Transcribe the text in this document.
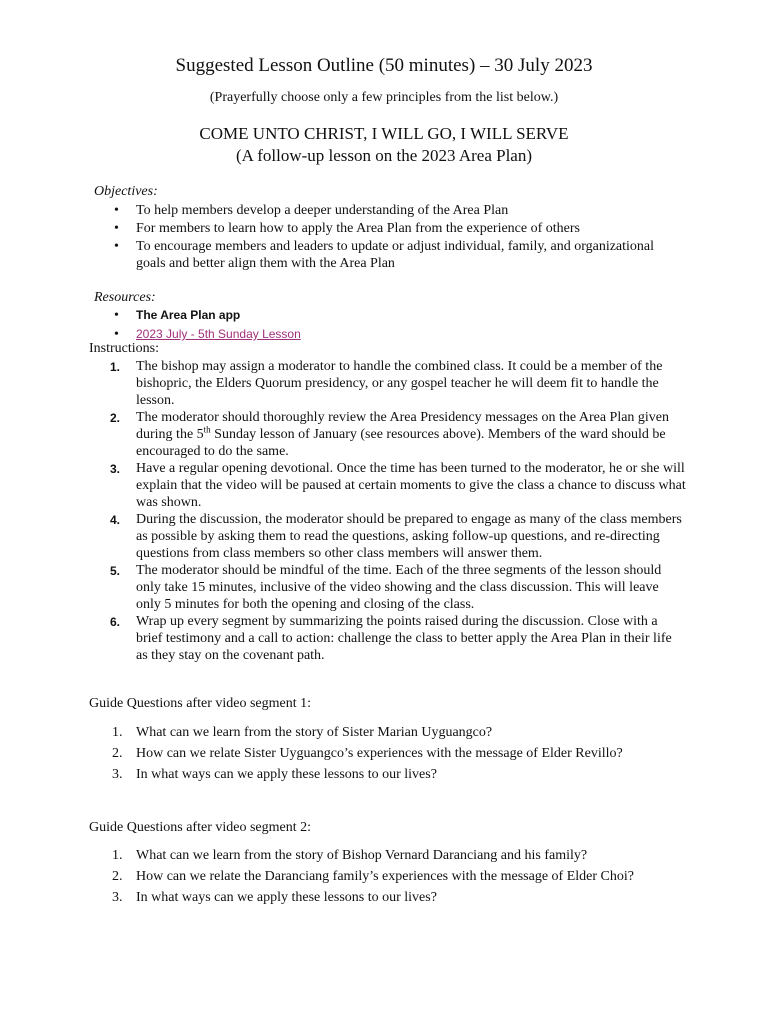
Suggested Lesson Outline (50 minutes) – 30 July 2023
(Prayerfully choose only a few principles from the list below.)
COME UNTO CHRIST, I WILL GO, I WILL SERVE
(A follow-up lesson on the 2023 Area Plan)
Objectives:
• To help members develop a deeper understanding of the Area Plan
• For members to learn how to apply the Area Plan from the experience of others
• To encourage members and leaders to update or adjust individual, family, and organizational goals and better align them with the Area Plan
Resources:
• The Area Plan app
• 2023 July - 5th Sunday Lesson
Instructions:
1. The bishop may assign a moderator to handle the combined class. It could be a member of the bishopric, the Elders Quorum presidency, or any gospel teacher he will deem fit to handle the lesson.
2. The moderator should thoroughly review the Area Presidency messages on the Area Plan given during the 5th Sunday lesson of January (see resources above). Members of the ward should be encouraged to do the same.
3. Have a regular opening devotional. Once the time has been turned to the moderator, he or she will explain that the video will be paused at certain moments to give the class a chance to discuss what was shown.
4. During the discussion, the moderator should be prepared to engage as many of the class members as possible by asking them to read the questions, asking follow-up questions, and re-directing questions from class members so other class members will answer them.
5. The moderator should be mindful of the time. Each of the three segments of the lesson should only take 15 minutes, inclusive of the video showing and the class discussion. This will leave only 5 minutes for both the opening and closing of the class.
6. Wrap up every segment by summarizing the points raised during the discussion. Close with a brief testimony and a call to action: challenge the class to better apply the Area Plan in their life as they stay on the covenant path.
Guide Questions after video segment 1:
1. What can we learn from the story of Sister Marian Uyguangco?
2. How can we relate Sister Uyguangco’s experiences with the message of Elder Revillo?
3. In what ways can we apply these lessons to our lives?
Guide Questions after video segment 2:
1. What can we learn from the story of Bishop Vernard Daranciang and his family?
2. How can we relate the Daranciang family’s experiences with the message of Elder Choi?
3. In what ways can we apply these lessons to our lives?
